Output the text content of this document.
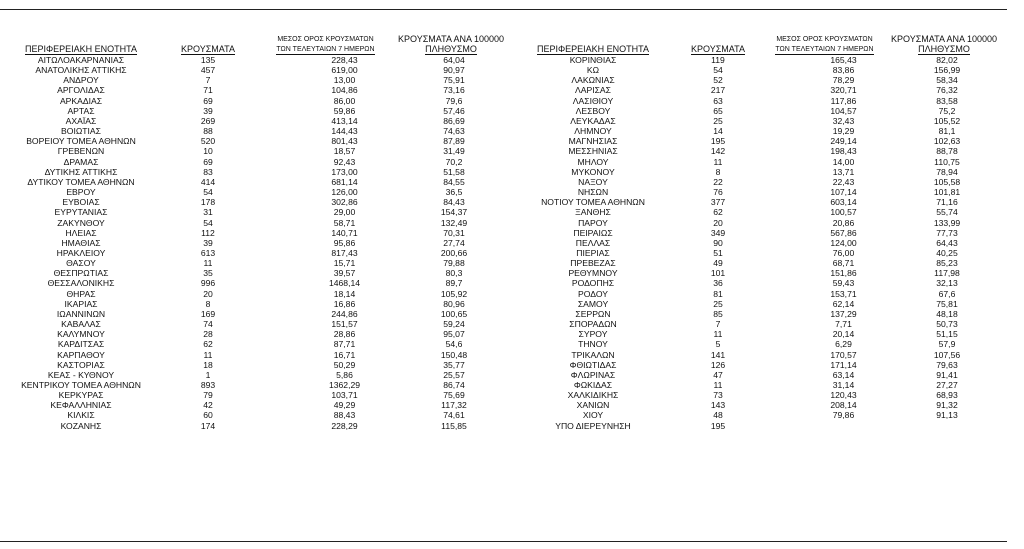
ΠΕΡΙΦΕΡΕΙΑΚΗ ΕΝΟΤΗΤΑ	ΚΡΟΥΣΜΑΤΑ	ΜΕΣΟΣ ΟΡΟΣ ΚΡΟΥΣΜΑΤΩΝ
ΤΩΝ ΤΕΛΕΥΤΑΙΩΝ 7 ΗΜΕΡΩΝ	ΚΡΟΥΣΜΑΤΑ ΑΝΑ 100000
ΠΛΗΘΥΣΜΟ
ΑΙΤΩΛΟΑΚΑΡΝΑΝΙΑΣ	135	228,43	64,04
ΑΝΑΤΟΛΙΚΗΣ ΑΤΤΙΚΗΣ	457	619,00	90,97
ΑΝΔΡΟΥ	7	13,00	75,91
ΑΡΓΟΛΙΔΑΣ	71	104,86	73,16
ΑΡΚΑΔΙΑΣ	69	86,00	79,6
ΑΡΤΑΣ	39	59,86	57,46
ΑΧΑΪΑΣ	269	413,14	86,69
ΒΟΙΩΤΙΑΣ	88	144,43	74,63
ΒΟΡΕΙΟΥ ΤΟΜΕΑ ΑΘΗΝΩΝ	520	801,43	87,89
ΓΡΕΒΕΝΩΝ	10	18,57	31,49
ΔΡΑΜΑΣ	69	92,43	70,2
ΔΥΤΙΚΗΣ ΑΤΤΙΚΗΣ	83	173,00	51,58
ΔΥΤΙΚΟΥ ΤΟΜΕΑ ΑΘΗΝΩΝ	414	681,14	84,55
ΕΒΡΟΥ	54	126,00	36,5
ΕΥΒΟΙΑΣ	178	302,86	84,43
ΕΥΡΥΤΑΝΙΑΣ	31	29,00	154,37
ΖΑΚΥΝΘΟΥ	54	58,71	132,49
ΗΛΕΙΑΣ	112	140,71	70,31
ΗΜΑΘΙΑΣ	39	95,86	27,74
ΗΡΑΚΛΕΙΟΥ	613	817,43	200,66
ΘΑΣΟΥ	11	15,71	79,88
ΘΕΣΠΡΩΤΙΑΣ	35	39,57	80,3
ΘΕΣΣΑΛΟΝΙΚΗΣ	996	1468,14	89,7
ΘΗΡΑΣ	20	18,14	105,92
ΙΚΑΡΙΑΣ	8	16,86	80,96
ΙΩΑΝΝΙΝΩΝ	169	244,86	100,65
ΚΑΒΑΛΑΣ	74	151,57	59,24
ΚΑΛΥΜΝΟΥ	28	28,86	95,07
ΚΑΡΔΙΤΣΑΣ	62	87,71	54,6
ΚΑΡΠΑΘΟΥ	11	16,71	150,48
ΚΑΣΤΟΡΙΑΣ	18	50,29	35,77
ΚΕΑΣ - ΚΥΘΝΟΥ	1	5,86	25,57
ΚΕΝΤΡΙΚΟΥ ΤΟΜΕΑ ΑΘΗΝΩΝ	893	1362,29	86,74
ΚΕΡΚΥΡΑΣ	79	103,71	75,69
ΚΕΦΑΛΛΗΝΙΑΣ	42	49,29	117,32
ΚΙΛΚΙΣ	60	88,43	74,61
ΚΟΖΑΝΗΣ	174	228,29	115,85
ΠΕΡΙΦΕΡΕΙΑΚΗ ΕΝΟΤΗΤΑ	ΚΡΟΥΣΜΑΤΑ	ΜΕΣΟΣ ΟΡΟΣ ΚΡΟΥΣΜΑΤΩΝ
ΤΩΝ ΤΕΛΕΥΤΑΙΩΝ 7 ΗΜΕΡΩΝ	ΚΡΟΥΣΜΑΤΑ ΑΝΑ 100000
ΠΛΗΘΥΣΜΟ
ΚΟΡΙΝΘΙΑΣ	119	165,43	82,02
ΚΩ	54	83,86	156,99
ΛΑΚΩΝΙΑΣ	52	78,29	58,34
ΛΑΡΙΣΑΣ	217	320,71	76,32
ΛΑΣΙΘΙΟΥ	63	117,86	83,58
ΛΕΣΒΟΥ	65	104,57	75,2
ΛΕΥΚΑΔΑΣ	25	32,43	105,52
ΛΗΜΝΟΥ	14	19,29	81,1
ΜΑΓΝΗΣΙΑΣ	195	249,14	102,63
ΜΕΣΣΗΝΙΑΣ	142	198,43	88,78
ΜΗΛΟΥ	11	14,00	110,75
ΜΥΚΟΝΟΥ	8	13,71	78,94
ΝΑΞΟΥ	22	22,43	105,58
ΝΗΣΩΝ	76	107,14	101,81
ΝΟΤΙΟΥ ΤΟΜΕΑ ΑΘΗΝΩΝ	377	603,14	71,16
ΞΑΝΘΗΣ	62	100,57	55,74
ΠΑΡΟΥ	20	20,86	133,99
ΠΕΙΡΑΙΩΣ	349	567,86	77,73
ΠΕΛΛΑΣ	90	124,00	64,43
ΠΙΕΡΙΑΣ	51	76,00	40,25
ΠΡΕΒΕΖΑΣ	49	68,71	85,23
ΡΕΘΥΜΝΟΥ	101	151,86	117,98
ΡΟΔΟΠΗΣ	36	59,43	32,13
ΡΟΔΟΥ	81	153,71	67,6
ΣΑΜΟΥ	25	62,14	75,81
ΣΕΡΡΩΝ	85	137,29	48,18
ΣΠΟΡΑΔΩΝ	7	7,71	50,73
ΣΥΡΟΥ	11	20,14	51,15
ΤΗΝΟΥ	5	6,29	57,9
ΤΡΙΚΑΛΩΝ	141	170,57	107,56
ΦΘΙΩΤΙΔΑΣ	126	171,14	79,63
ΦΛΩΡΙΝΑΣ	47	63,14	91,41
ΦΩΚΙΔΑΣ	11	31,14	27,27
ΧΑΛΚΙΔΙΚΗΣ	73	120,43	68,93
ΧΑΝΙΩΝ	143	208,14	91,32
ΧΙΟΥ	48	79,86	91,13
ΥΠΟ ΔΙΕΡΕΥΝΗΣΗ	195		
